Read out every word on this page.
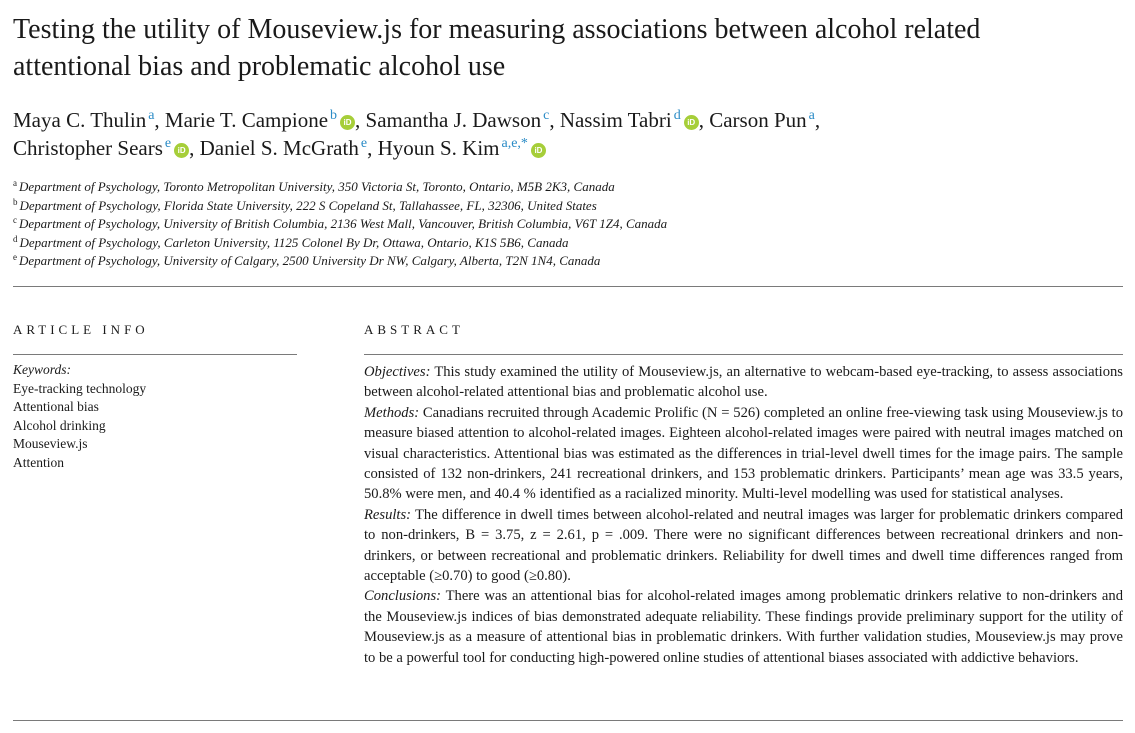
Testing the utility of Mouseview.js for measuring associations between alcohol related attentional bias and problematic alcohol use
Maya C. Thulin $^a$, Marie T. Campione $^b$ iD , Samantha J. Dawson $^c$, Nassim Tabri $^d$ iD , Carson Pun $^a$,
Christopher Sears $^e$ iD , Daniel S. McGrath $^e$, Hyoun S. Kim $^{a,e,*}$ iD
$^a$ Department of Psychology, Toronto Metropolitan University, 350 Victoria St, Toronto, Ontario, M5B 2K3, Canada
$^b$ Department of Psychology, Florida State University, 222 S Copeland St, Tallahassee, FL, 32306, United States
$^c$ Department of Psychology, University of British Columbia, 2136 West Mall, Vancouver, British Columbia, V6T 1Z4, Canada
$^d$ Department of Psychology, Carleton University, 1125 Colonel By Dr, Ottawa, Ontario, K1S 5B6, Canada
$^e$ Department of Psychology, University of Calgary, 2500 University Dr NW, Calgary, Alberta, T2N 1N4, Canada
ARTICLE INFO
Keywords:
Eye-tracking technology
Attentional bias
Alcohol drinking
Mouseview.js
Attention
ABSTRACT

Objectives: This study examined the utility of Mouseview.js, an alternative to webcam-based eye-tracking, to assess associations between alcohol-related attentional bias and problematic alcohol use.

Methods: Canadians recruited through Academic Prolific (N = 526) completed an online free-viewing task using Mouseview.js to measure biased attention to alcohol-related images. Eighteen alcohol-related images were paired with neutral images matched on visual characteristics. Attentional bias was estimated as the differences in trial-level dwell times for the image pairs. The sample consisted of 132 non-drinkers, 241 recreational drinkers, and 153 problematic drinkers. Participants’ mean age was 33.5 years, 50.8% were men, and 40.4 % identified as a racialized minority. Multi-level modelling was used for statistical analyses.

Results: The difference in dwell times between alcohol-related and neutral images was larger for problematic drinkers compared to non-drinkers, B = 3.75, z = 2.61, p = .009. There were no significant differences between recreational drinkers and non-drinkers, or between recreational and problematic drinkers. Reliability for dwell times and dwell time differences ranged from acceptable (≥0.70) to good (≥0.80).

Conclusions: There was an attentional bias for alcohol-related images among problematic drinkers relative to non-drinkers and the Mouseview.js indices of bias demonstrated adequate reliability. These findings provide preliminary support for the utility of Mouseview.js as a measure of attentional bias in problematic drinkers. With further validation studies, Mouseview.js may prove to be a powerful tool for conducting high-powered online studies of attentional biases associated with addictive behaviors.
